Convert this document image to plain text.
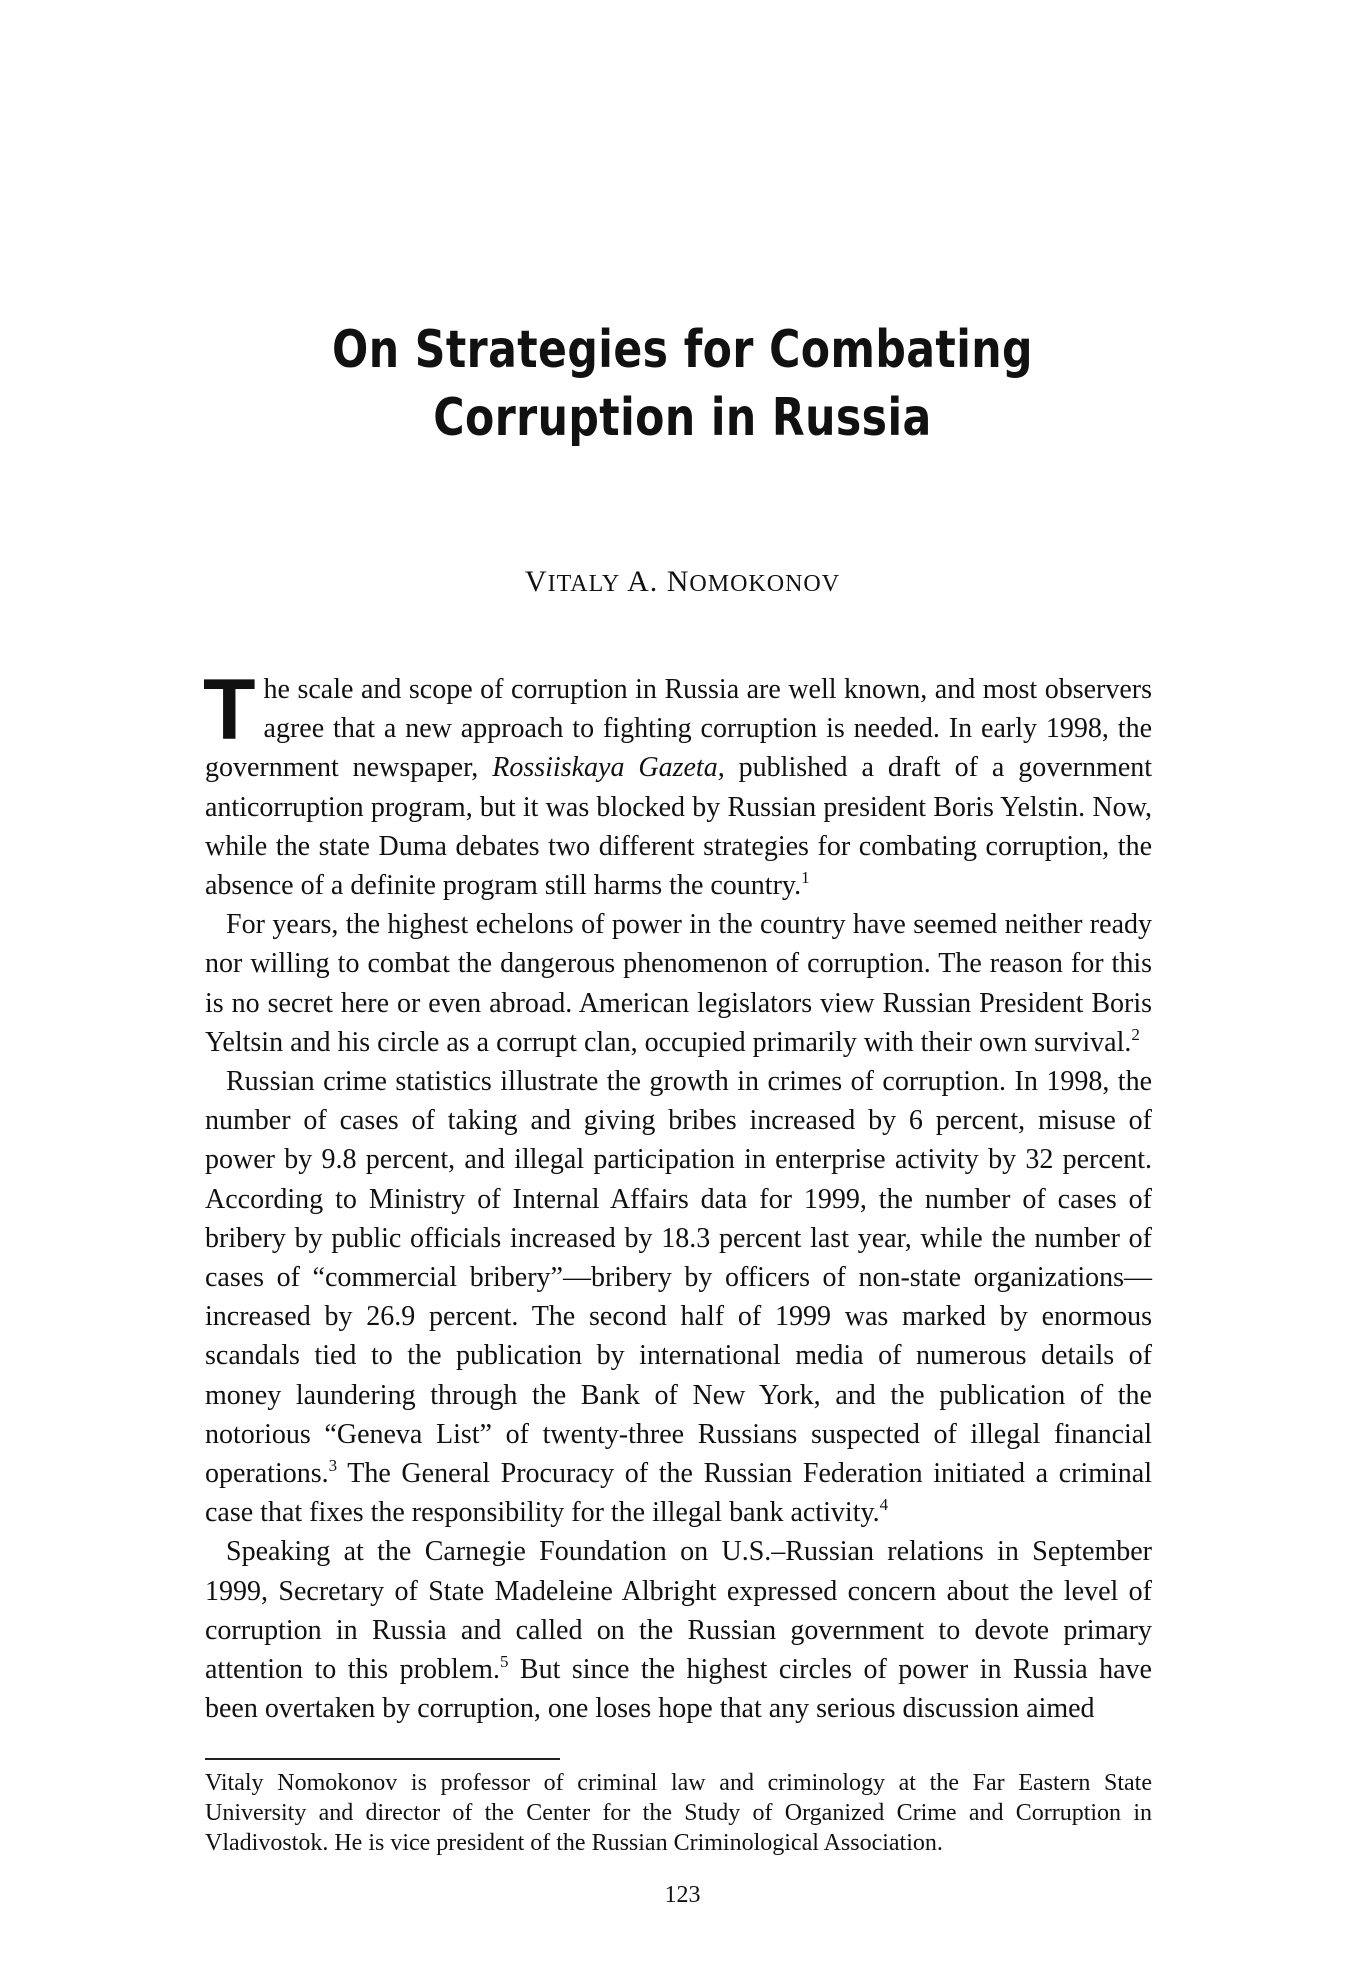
On Strategies for Combating
Corruption in Russia
VITALY A. NOMOKONOV

The scale and scope of corruption in Russia are well known, and most observers agree that a new approach to fighting corruption is needed. In early 1998, the government newspaper, Rossiiskaya Gazeta, published a draft of a government anticorruption program, but it was blocked by Russian president Boris Yelstin. Now, while the state Duma debates two different strategies for combating corruption, the absence of a definite program still harms the country.$^1$

For years, the highest echelons of power in the country have seemed neither ready nor willing to combat the dangerous phenomenon of corruption. The reason for this is no secret here or even abroad. American legislators view Russian President Boris Yeltsin and his circle as a corrupt clan, occupied primarily with their own survival.$^2$

Russian crime statistics illustrate the growth in crimes of corruption. In 1998, the number of cases of taking and giving bribes increased by 6 percent, misuse of power by 9.8 percent, and illegal participation in enterprise activity by 32 percent. According to Ministry of Internal Affairs data for 1999, the number of cases of bribery by public officials increased by 18.3 percent last year, while the number of cases of “commercial bribery”—bribery by officers of non-state organizations—increased by 26.9 percent. The second half of 1999 was marked by enormous scandals tied to the publication by international media of numerous details of money laundering through the Bank of New York, and the publication of the notorious “Geneva List” of twenty-three Russians suspected of illegal financial operations.$^3$ The General Procuracy of the Russian Federation initiated a criminal case that fixes the responsibility for the illegal bank activity.$^4$

Speaking at the Carnegie Foundation on U.S.–Russian relations in September 1999, Secretary of State Madeleine Albright expressed concern about the level of corruption in Russia and called on the Russian government to devote primary attention to this problem.$^5$ But since the highest circles of power in Russia have been overtaken by corruption, one loses hope that any serious discussion aimed

Vitaly Nomokonov is professor of criminal law and criminology at the Far Eastern State University and director of the Center for the Study of Organized Crime and Corruption in Vladivostok. He is vice president of the Russian Criminological Association.
123
